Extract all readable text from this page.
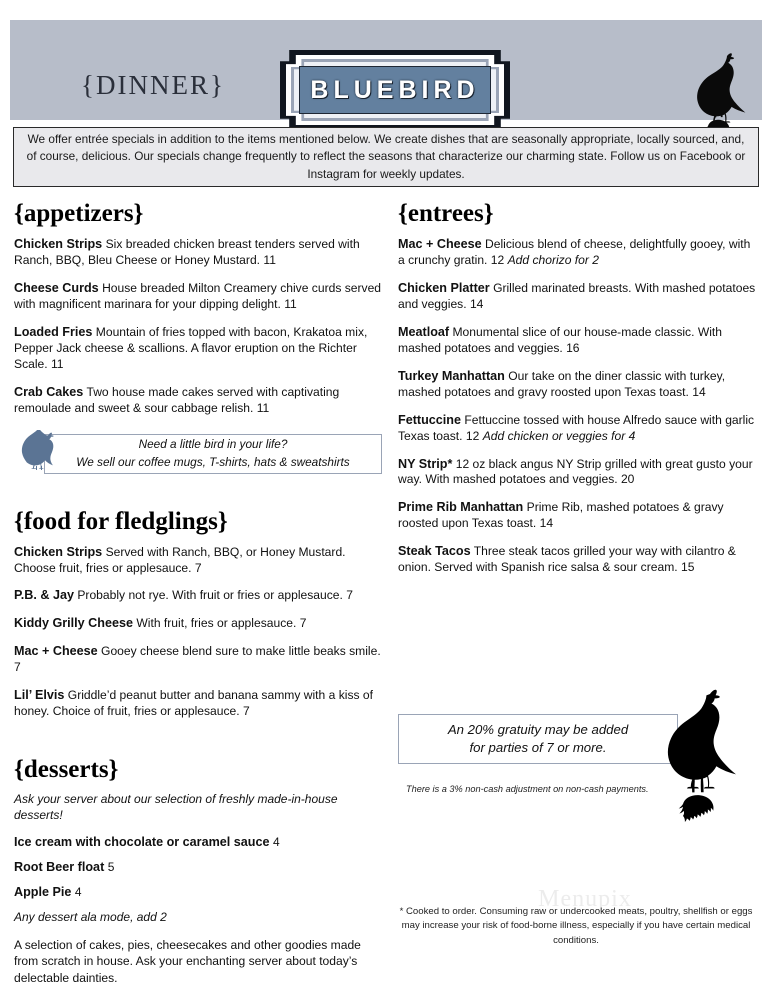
{DINNER}	BLUEBIRD

We offer entrée specials in addition to the items mentioned below. We create dishes that are seasonally appropriate, locally sourced, and, of course, delicious. Our specials change frequently to reflect the seasons that characterize our charming state. Follow us on Facebook or Instagram for weekly updates.

{appetizers}

Chicken Strips Six breaded chicken breast tenders served with Ranch, BBQ, Bleu Cheese or Honey Mustard. 11

Cheese Curds House breaded Milton Creamery chive curds served with magnificent marinara for your dipping delight. 11

Loaded Fries Mountain of fries topped with bacon, Krakatoa mix, Pepper Jack cheese & scallions. A flavor eruption on the Richter Scale. 11

Crab Cakes Two house made cakes served with captivating remoulade and sweet & sour cabbage relish. 11

Need a little bird in your life?
We sell our coffee mugs, T-shirts, hats & sweatshirts

{food for fledglings}

Chicken Strips Served with Ranch, BBQ, or Honey Mustard. Choose fruit, fries or applesauce. 7

P.B. & Jay Probably not rye. With fruit or fries or applesauce. 7

Kiddy Grilly Cheese With fruit, fries or applesauce. 7

Mac + Cheese Gooey cheese blend sure to make little beaks smile. 7

Lil’ Elvis Griddle’d peanut butter and banana sammy with a kiss of honey. Choice of fruit, fries or applesauce. 7

{desserts}

Ask your server about our selection of freshly made-in-house desserts!

Ice cream with chocolate or caramel sauce 4

Root Beer float 5

Apple Pie 4

Any dessert ala mode, add 2

A selection of cakes, pies, cheesecakes and other goodies made from scratch in house. Ask your enchanting server about today’s delectable dainties.

{entrees}

Mac + Cheese Delicious blend of cheese, delightfully gooey, with a crunchy gratin. 12 Add chorizo for 2

Chicken Platter Grilled marinated breasts. With mashed potatoes and veggies. 14

Meatloaf Monumental slice of our house-made classic. With mashed potatoes and veggies. 16

Turkey Manhattan Our take on the diner classic with turkey, mashed potatoes and gravy roosted upon Texas toast. 14

Fettuccine Fettuccine tossed with house Alfredo sauce with garlic Texas toast. 12 Add chicken or veggies for 4

NY Strip* 12 oz black angus NY Strip grilled with great gusto your way. With mashed potatoes and veggies. 20

Prime Rib Manhattan Prime Rib, mashed potatoes & gravy roosted upon Texas toast. 14

Steak Tacos Three steak tacos grilled your way with cilantro & onion. Served with Spanish rice salsa & sour cream. 15

An 20% gratuity may be added
for parties of 7 or more.

There is a 3% non-cash adjustment on non-cash payments.
Menupix
* Cooked to order. Consuming raw or undercooked meats, poultry, shellfish or eggs may increase your risk of food-borne illness, especially if you have certain medical conditions.
